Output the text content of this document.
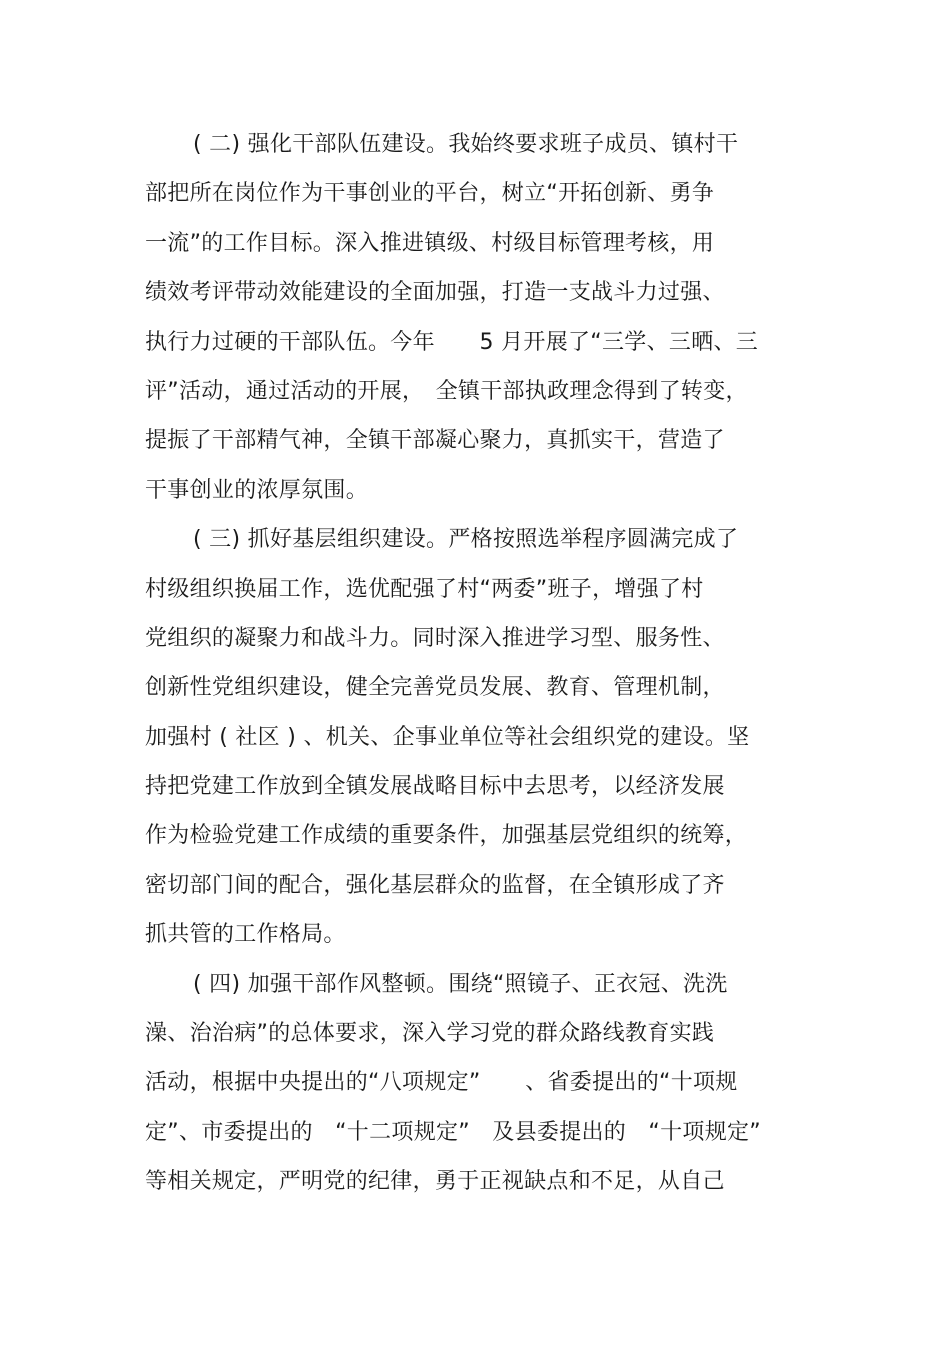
( 二) 强化干部队伍建设。我始终要求班子成员、镇村干
部把所在岗位作为干事创业的平台，树立“开拓创新、勇争
一流”的工作目标。深入推进镇级、村级目标管理考核，用
绩效考评带动效能建设的全面加强，打造一支战斗力过强、
执行力过硬的干部队伍。今年　　5 月开展了“三学、三晒、三
评”活动，通过活动的开展，　全镇干部执政理念得到了转变，
提振了干部精气神，全镇干部凝心聚力，真抓实干，营造了
干事创业的浓厚氛围。
( 三) 抓好基层组织建设。严格按照选举程序圆满完成了
村级组织换届工作，选优配强了村“两委”班子，增强了村
党组织的凝聚力和战斗力。同时深入推进学习型、服务性、
创新性党组织建设，健全完善党员发展、教育、管理机制，
加强村 ( 社区 ) 、机关、企事业单位等社会组织党的建设。坚
持把党建工作放到全镇发展战略目标中去思考，以经济发展
作为检验党建工作成绩的重要条件，加强基层党组织的统筹，
密切部门间的配合，强化基层群众的监督，在全镇形成了齐
抓共管的工作格局。
( 四) 加强干部作风整顿。围绕“照镜子、正衣冠、洗洗
澡、治治病”的总体要求，深入学习党的群众路线教育实践
活动，根据中央提出的“八项规定”　　、省委提出的“十项规
定”、市委提出的　“十二项规定”　及县委提出的　“十项规定”
等相关规定，严明党的纪律，勇于正视缺点和不足，从自己
